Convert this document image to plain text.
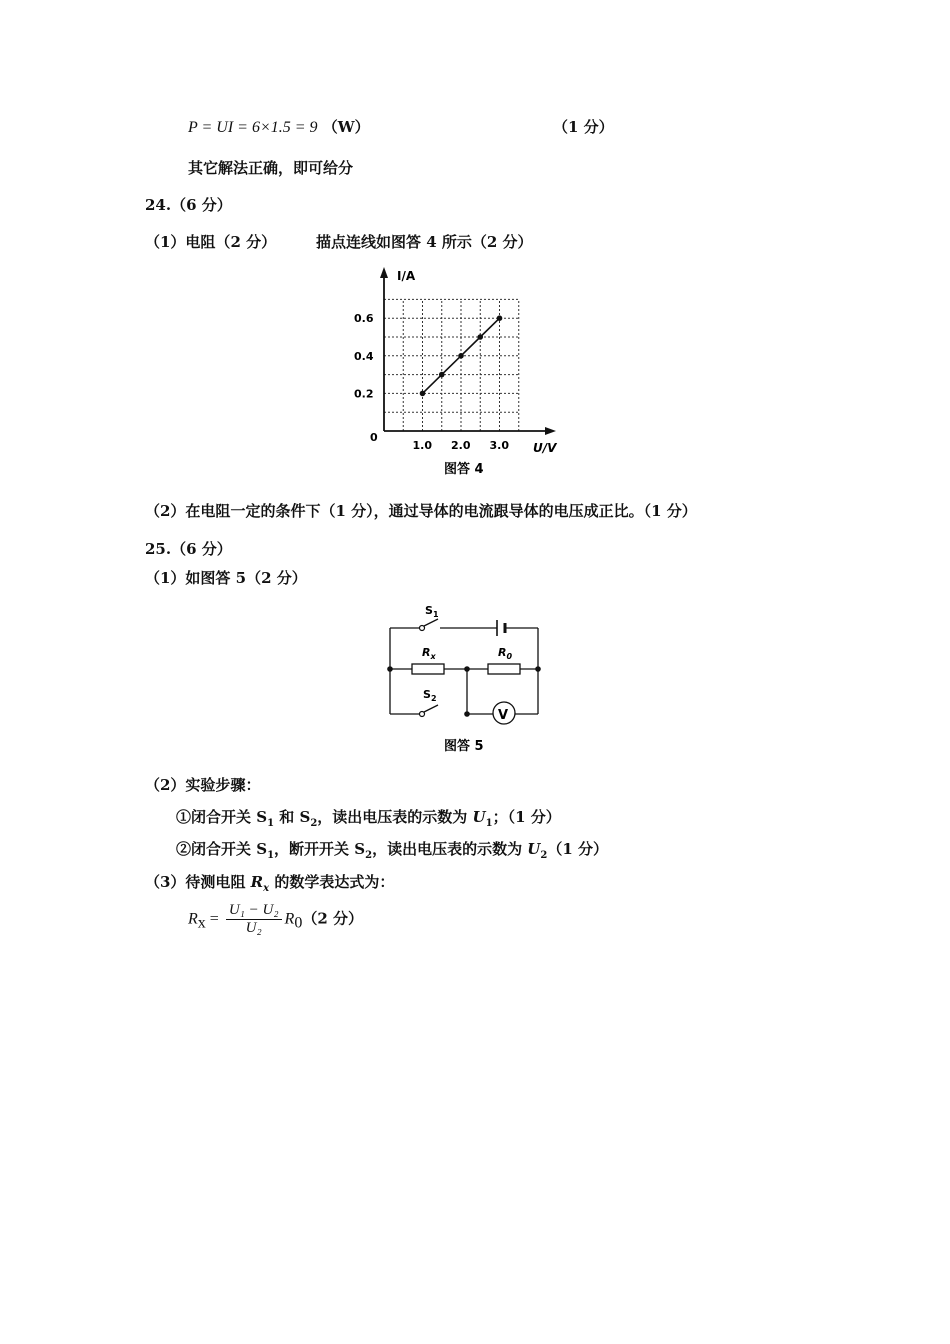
P = UI = 6×1.5 = 9 （W）	（1 分）
其它解法正确，即可给分
24.（6 分）
（1）电阻（2 分）	描点连线如图答 4 所示（2 分）
I/A
U/V
0
1.0 2.0 3.0
0.2
0.4
0.6
图答 4
（2）在电阻一定的条件下（1 分），通过导体的电流跟导体的电压成正比。（1 分）
25.（6 分）
（1）如图答 5（2 分）
V
$S_1$
$S_2$
$R_x$	$R_0$
图答 5
（2）实验步骤：
①闭合开关 $S_1$ 和 $S_2$，读出电压表的示数为 $U_1$；（1 分）
②闭合开关 $S_1$，断开开关 $S_2$，读出电压表的示数为 $U_2(1$ 分）
（3）待测电阻 $R_x$ 的数学表达式为：
$R_x = \frac{\text{U₁ − U₂}}{\text{U₂}} R_0(2$ 分）
